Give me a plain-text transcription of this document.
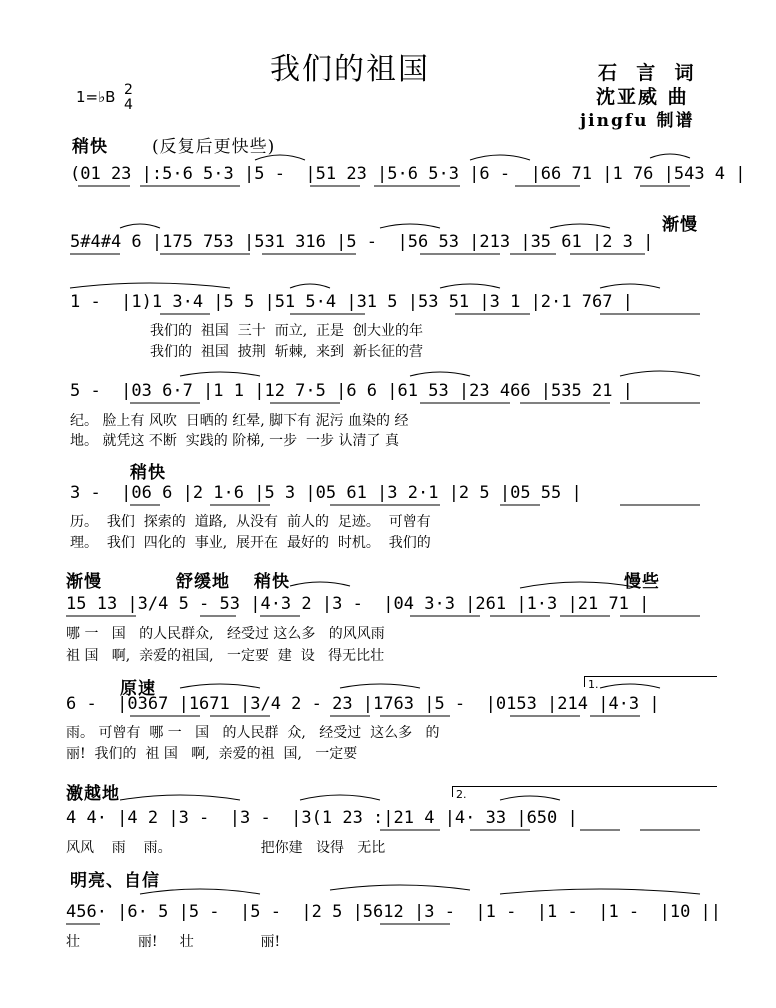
我们的祖国
1=♭B 2
4
石  言  词
沈亚威 曲
jingfu 制谱
稍快	(反复后更快些)
渐慢
稍快
渐慢	舒缓地 稍快	慢些
原速
激越地
明亮、自信
1.
2.
(01 23 |:5·6 5·3 |5 -  |51 23 |5·6 5·3 |6 -  |66 71 |1 76 |543 4 |
5#4#4 6 |175 753 |531 316 |5 -  |56 53 |213 |35 61 |2 3 |
1 -  |1)1 3·4 |5 5 |51 5·4 |31 5 |53 51 |3 1 |2·1 767 |
5 -  |03 6·7 |1 1 |12 7·5 |6 6 |61 53 |23 466 |535 21 |
3 -  |06 6 |2 1·6 |5 3 |05 61 |3 2·1 |2 5 |05 55 |
15 13 |3/4 5 - 53 |4·3 2 |3 -  |04 3·3 |261 |1·3 |21 71 |
6 -  |0367 |1671 |3/4 2 - 23 |1763 |5 -  |0153 |214 |4·3 |
4 4· |4 2 |3 -  |3 -  |3(1 23 :|21 4 |4· 33 |650 |
456· |6· 5 |5 -  |5 -  |2 5 |5612 |3 -  |1 -  |1 -  |1 -  |10 ||
我们的  祖国  三十  而立,  正是  创大业的年
我们的  祖国  披荆  斩棘,  来到  新长征的营
纪。 脸上有 风吹  日晒的 红晕, 脚下有 泥污 血染的 经
地。 就凭这 不断  实践的 阶梯, 一步  一步 认清了 真
历。  我们  探索的  道路,  从没有  前人的  足迹。  可曾有
理。  我们  四化的  事业,  展开在  最好的  时机。  我们的
哪 一   国   的人民群众,   经受过 这么多   的风风雨
祖 国   啊,  亲爱的祖国,   一定要  建  设   得无比壮
雨。 可曾有  哪 一   国   的人民群  众,   经受过  这么多   的
丽!  我们的  祖 国   啊,  亲爱的祖  国,   一定要
风风    雨    雨。                    把你建   设得   无比
壮             丽!     壮               丽!
